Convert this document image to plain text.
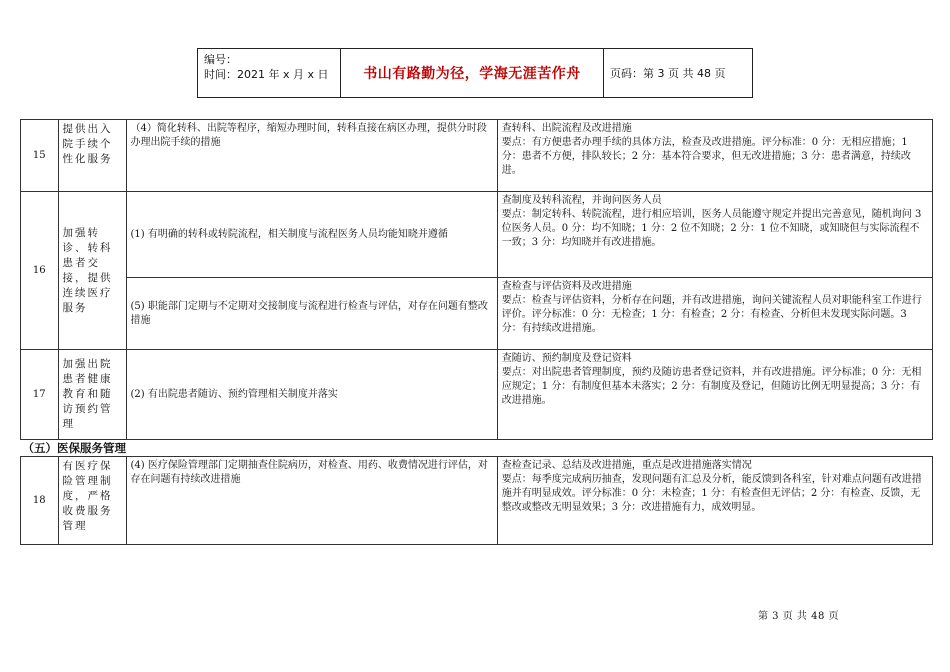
编号：
时间：2021 年 x 月 x 日	书山有路勤为径，学海无涯苦作舟	页码：第 3 页 共 48 页
15	提供出入院手续个性化服务	（4）简化转科、出院等程序，缩短办理时间，转科直接在病区办理，提供分时段办理出院手续的措施	查转科、出院流程及改进措施
要点：有方便患者办理手续的具体方法，检查及改进措施。评分标准：0 分：无相应措施；1 分：患者不方便，排队较长；2 分：基本符合要求，但无改进措施；3 分：患者满意，持续改进。

16	加强转诊、转科患者交接，提供连续医疗服务	(1) 有明确的转科或转院流程，相关制度与流程医务人员均能知晓并遵循	查制度及转科流程，并询问医务人员
要点：制定转科、转院流程，进行相应培训，医务人员能遵守规定并提出完善意见，随机询问 3 位医务人员。0 分：均不知晓；1 分：2 位不知晓；2 分：1 位不知晓，或知晓但与实际流程不一致；3 分：均知晓并有改进措施。

		(5) 职能部门定期与不定期对交接制度与流程进行检查与评估，对存在问题有整改措施	查检查与评估资料及改进措施
要点：检查与评估资料，分析存在问题，并有改进措施，询问关键流程人员对职能科室工作进行评价。评分标准：0 分：无检查；1 分：有检查；2 分：有检查、分析但未发现实际问题。3 分：有持续改进措施。

17	加强出院患者健康教育和随访预约管理	(2) 有出院患者随访、预约管理相关制度并落实	查随访、预约制度及登记资料
要点：对出院患者管理制度，预约及随访患者登记资料，并有改进措施。评分标准；0 分：无相应规定；1 分：有制度但基本未落实；2 分：有制度及登记，但随访比例无明显提高；3 分：有改进措施。

（五）医保服务管理			
18	有医疗保险管理制度，严格收费服务管理	(4) 医疗保险管理部门定期抽查住院病历，对检查、用药、收费情况进行评估，对存在问题有持续改进措施	查检查记录、总结及改进措施，重点是改进措施落实情况
要点：每季度完成病历抽查，发现问题有汇总及分析，能反馈到各科室，针对难点问题有改进措施并有明显成效。评分标准：0 分：未检查；1 分：有检查但无评估；2 分：有检查、反馈，无整改或整改无明显效果；3 分：改进措施有力，成效明显。
第 3 页 共 48 页
